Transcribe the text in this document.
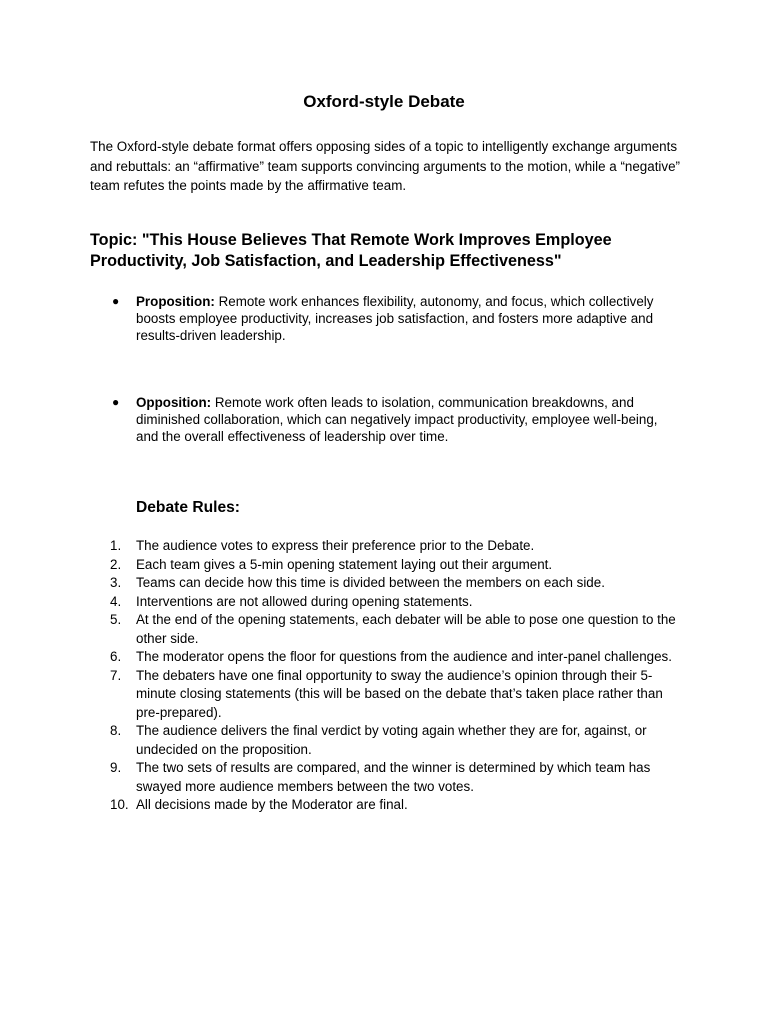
Oxford-style Debate
The Oxford-style debate format offers opposing sides of a topic to intelligently exchange arguments and rebuttals: an “affirmative” team supports convincing arguments to the motion, while a “negative” team refutes the points made by the affirmative team.
Topic: "This House Believes That Remote Work Improves Employee Productivity, Job Satisfaction, and Leadership Effectiveness"
● Proposition: Remote work enhances flexibility, autonomy, and focus, which collectively boosts employee productivity, increases job satisfaction, and fosters more adaptive and results-driven leadership.
● Opposition: Remote work often leads to isolation, communication breakdowns, and diminished collaboration, which can negatively impact productivity, employee well-being, and the overall effectiveness of leadership over time.
Debate Rules:
1.	The audience votes to express their preference prior to the Debate.
2.	Each team gives a 5-min opening statement laying out their argument.
3.	Teams can decide how this time is divided between the members on each side.
4.	Interventions are not allowed during opening statements.
5.	At the end of the opening statements, each debater will be able to pose one question to the other side.
6.	The moderator opens the floor for questions from the audience and inter-panel challenges.
7.	The debaters have one final opportunity to sway the audience’s opinion through their 5-minute closing statements (this will be based on the debate that’s taken place rather than pre-prepared).
8.	The audience delivers the final verdict by voting again whether they are for, against, or undecided on the proposition.
9.	The two sets of results are compared, and the winner is determined by which team has swayed more audience members between the two votes.
10. All decisions made by the Moderator are final.
